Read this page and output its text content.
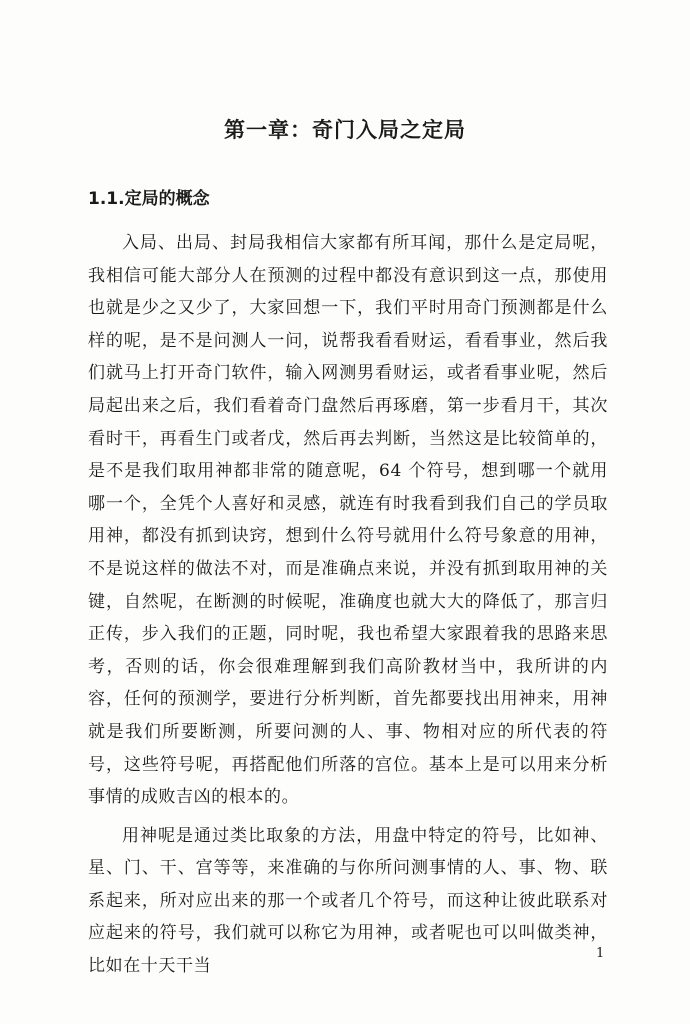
第一章：奇门入局之定局
1.1.定局的概念

入局、出局、封局我相信大家都有所耳闻，那什么是定局呢，我相信可能大部分人在预测的过程中都没有意识到这一点，那使用也就是少之又少了，大家回想一下，我们平时用奇门预测都是什么样的呢，是不是问测人一问，说帮我看看财运，看看事业，然后我们就马上打开奇门软件，输入网测男看财运，或者看事业呢，然后局起出来之后，我们看着奇门盘然后再琢磨，第一步看月干，其次看时干，再看生门或者戊，然后再去判断，当然这是比较简单的，是不是我们取用神都非常的随意呢，64 个符号，想到哪一个就用哪一个，全凭个人喜好和灵感，就连有时我看到我们自己的学员取用神，都没有抓到诀窍，想到什么符号就用什么符号象意的用神，不是说这样的做法不对，而是准确点来说，并没有抓到取用神的关键，自然呢，在断测的时候呢，准确度也就大大的降低了，那言归正传，步入我们的正题，同时呢，我也希望大家跟着我的思路来思考，否则的话，你会很难理解到我们高阶教材当中，我所讲的内容，任何的预测学，要进行分析判断，首先都要找出用神来，用神就是我们所要断测，所要问测的人、事、物相对应的所代表的符号，这些符号呢，再搭配他们所落的宫位。基本上是可以用来分析事情的成败吉凶的根本的。

用神呢是通过类比取象的方法，用盘中特定的符号，比如神、星、门、干、宫等等，来准确的与你所问测事情的人、事、物、联系起来，所对应出来的那一个或者几个符号，而这种让彼此联系对应起来的符号，我们就可以称它为用神，或者呢也可以叫做类神，比如在十天干当

1
